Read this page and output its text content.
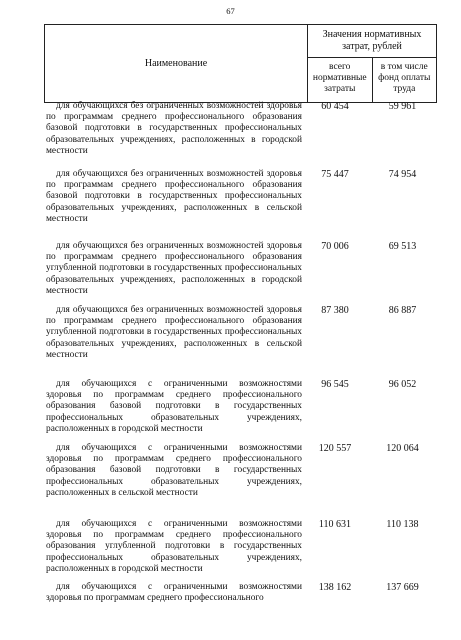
67
Наименование
Значения нормативных
затрат, рублей
всего
нормативные
затраты
в том числе
фонд оплаты
труда
для обучающихся без ограниченных возможностей здоровья по программам среднего профессионального образования базовой подготовки в государственных профессиональных образовательных учреждениях, расположенных в городской местности
60 454	59 961
для обучающихся без ограниченных возможностей здоровья по программам среднего профессионального образования базовой подготовки в государственных профессиональных образовательных учреждениях, расположенных в сельской местности
75 447	74 954
для обучающихся без ограниченных возможностей здоровья по программам среднего профессионального образования углубленной подготовки в государственных профессиональных образовательных учреждениях, расположенных в городской местности
70 006	69 513
для обучающихся без ограниченных возможностей здоровья по программам среднего профессионального образования углубленной подготовки в государственных профессиональных образовательных учреждениях, расположенных в сельской местности
87 380	86 887
для обучающихся с ограниченными возможностями здоровья по программам среднего профессионального образования базовой подготовки в государственных профессиональных образовательных учреждениях, расположенных в городской местности
96 545	96 052
для обучающихся с ограниченными возможностями здоровья по программам среднего профессионального образования базовой подготовки в государственных профессиональных образовательных учреждениях, расположенных в сельской местности
120 557	120 064
для обучающихся с ограниченными возможностями здоровья по программам среднего профессионального образования углубленной подготовки в государственных профессиональных образовательных учреждениях, расположенных в городской местности
110 631	110 138
для обучающихся с ограниченными возможностями здоровья по программам среднего профессионального
138 162	137 669
